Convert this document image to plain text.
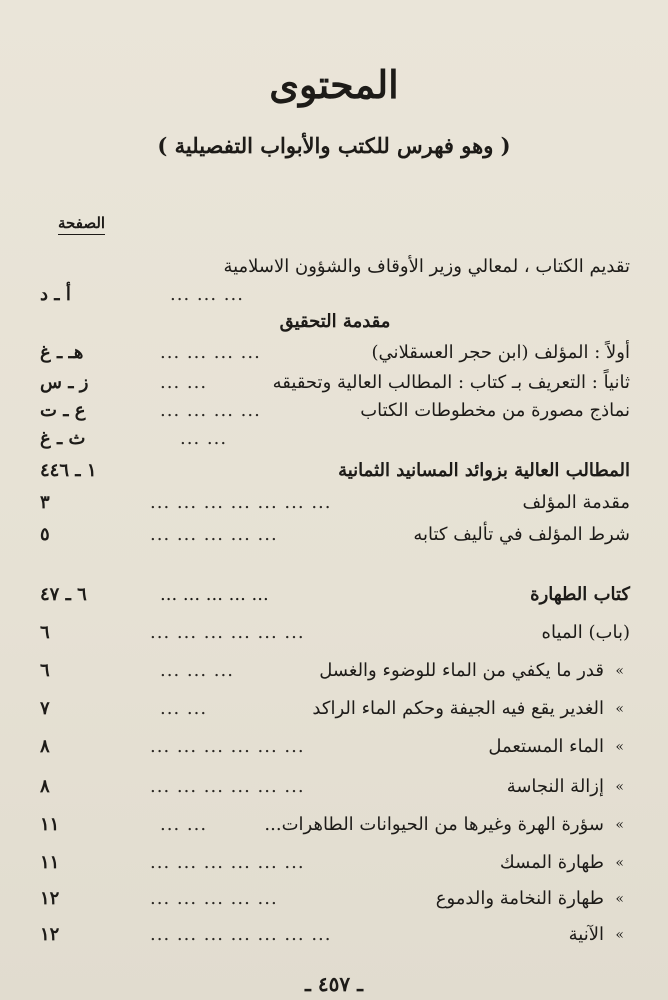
المحتوى
( وهو فهرس للكتب والأبواب التفصيلية )
الصفحة
تقديم الكتاب ، لمعالي وزير الأوقاف والشؤون الاسلامية
... ... ...
أ ـ د
مقدمة التحقيق
أولاً : المؤلف (ابن حجر العسقلاني)
... ... ... ...
هـ ـ غ
ثانياً : التعريف بـ كتاب : المطالب العالية وتحقيقه
... ...
ز ـ س
نماذج مصورة من مخطوطات الكتاب
... ... ... ...
ع ـ ت
... ...
ث ـ غ
المطالب العالية بزوائد المسانيد الثمانية
١ ـ ٤٤٦
مقدمة المؤلف
... ... ... ... ... ... ...
٣
شرط المؤلف في تأليف كتابه
... ... ... ... ...
٥
كتاب الطهارة
... ... ... ... ...
٦ ـ ٤٧
(باب) المياه
... ... ... ... ... ...
٦
»
قدر ما يكفي من الماء للوضوء والغسل
... ... ...
٦
»
الغدير يقع فيه الجيفة وحكم الماء الراكد
... ...
٧
»
الماء المستعمل
... ... ... ... ... ...
٨
»
إزالة النجاسة
... ... ... ... ... ...
٨
»
سؤرة الهرة وغيرها من الحيوانات الطاهرات...
... ...
١١
»
طهارة المسك
... ... ... ... ... ...
١١
»
طهارة النخامة والدموع
... ... ... ... ...
١٢
»
الآنية
... ... ... ... ... ... ...
١٢
ـ ٤٥٧ ـ
